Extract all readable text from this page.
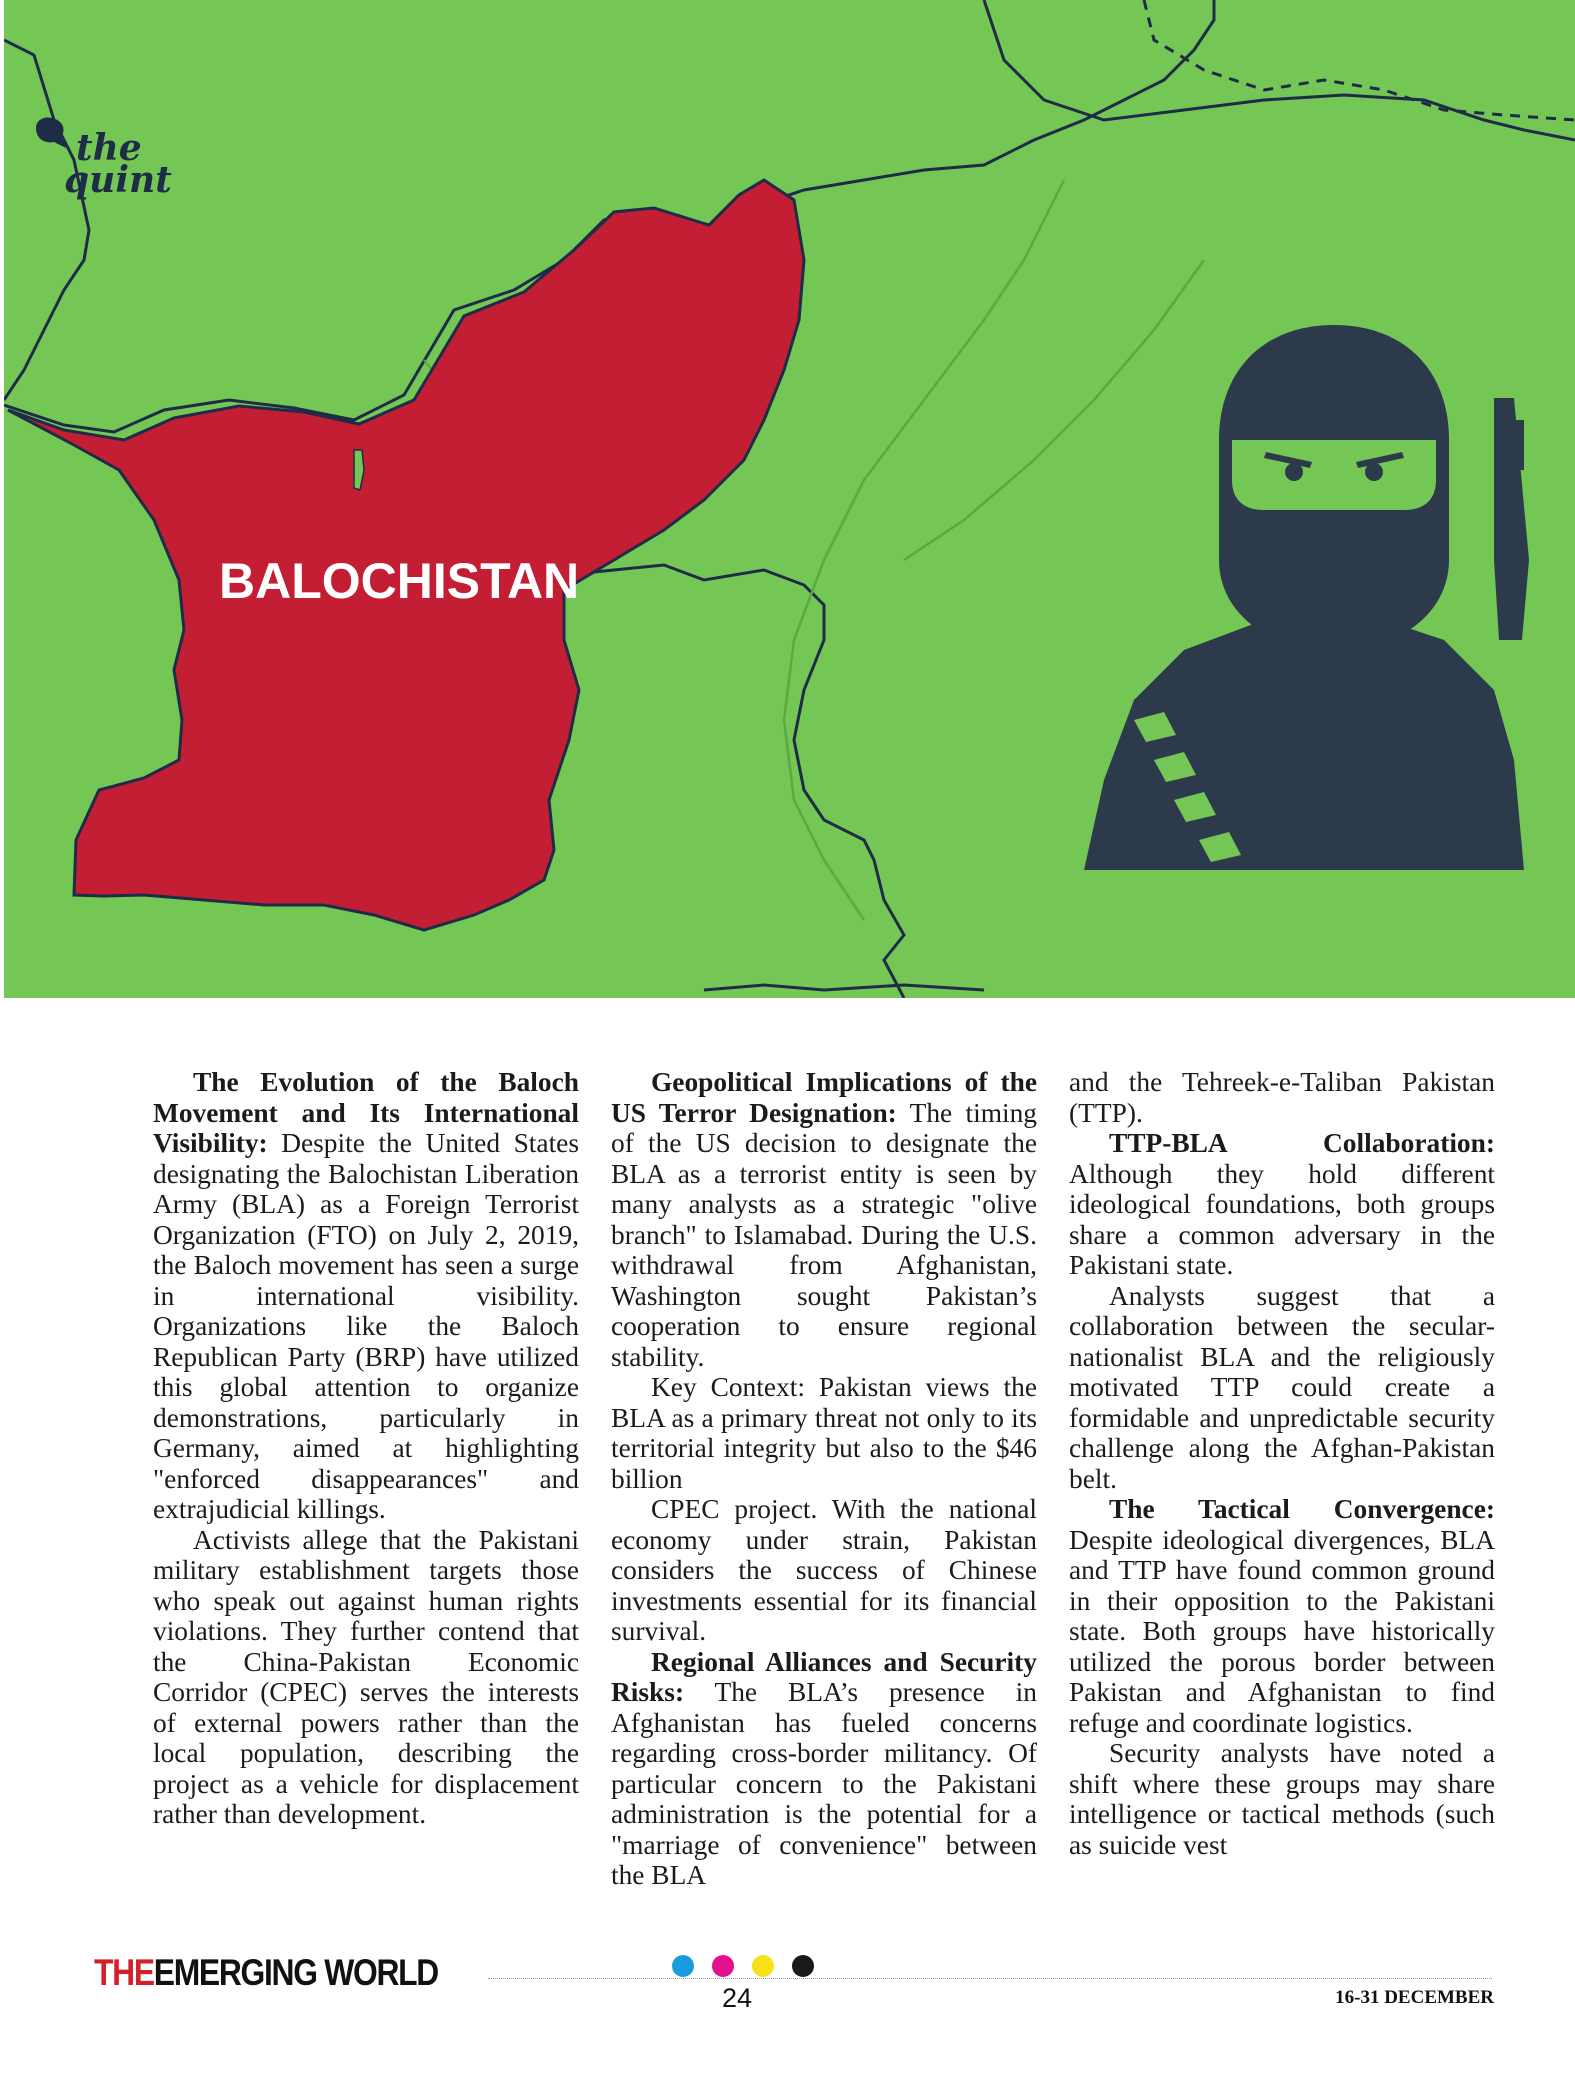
BALOCHISTAN
the
quint

The Evolution of the Baloch Movement and Its International Visibility: Despite the United States designating the Balochistan Liberation Army (BLA) as a Foreign Terrorist Organization (FTO) on July 2, 2019, the Baloch movement has seen a surge in international visibility. Organizations like the Baloch Republican Party (BRP) have utilized this global attention to organize demonstrations, particularly in Germany, aimed at highlighting "enforced disappearances" and extrajudicial killings.

Activists allege that the Pakistani military establishment targets those who speak out against human rights violations. They further contend that the China-Pakistan Economic Corridor (CPEC) serves the interests of external powers rather than the local population, describing the project as a vehicle for displacement rather than development.

Geopolitical Implications of the US Terror Designation: The timing of the US decision to designate the BLA as a terrorist entity is seen by many analysts as a strategic "olive branch" to Islamabad. During the U.S. withdrawal from Afghanistan, Washington sought Pakistan’s cooperation to ensure regional stability.

Key Context: Pakistan views the BLA as a primary threat not only to its territorial integrity but also to the $46 billion

CPEC project. With the national economy under strain, Pakistan considers the success of Chinese investments essential for its financial survival.

Regional Alliances and Security Risks: The BLA’s presence in Afghanistan has fueled concerns regarding cross-border militancy. Of particular concern to the Pakistani administration is the potential for a "marriage of convenience" between the BLA

and the Tehreek-e-Taliban Pakistan (TTP).

TTP-BLA Collaboration: Although they hold different ideological foundations, both groups share a common adversary in the Pakistani state.

Analysts suggest that a collaboration between the secular-nationalist BLA and the religiously motivated TTP could create a formidable and unpredictable security challenge along the Afghan-Pakistan belt.

The Tactical Convergence: Despite ideological divergences, BLA and TTP have found common ground in their opposition to the Pakistani state. Both groups have historically utilized the porous border between Pakistan and Afghanistan to find refuge and coordinate logistics.

Security analysts have noted a shift where these groups may share intelligence or tactical methods (such as suicide vest

THEEMERGING WORLD
24	16-31 DECEMBER
